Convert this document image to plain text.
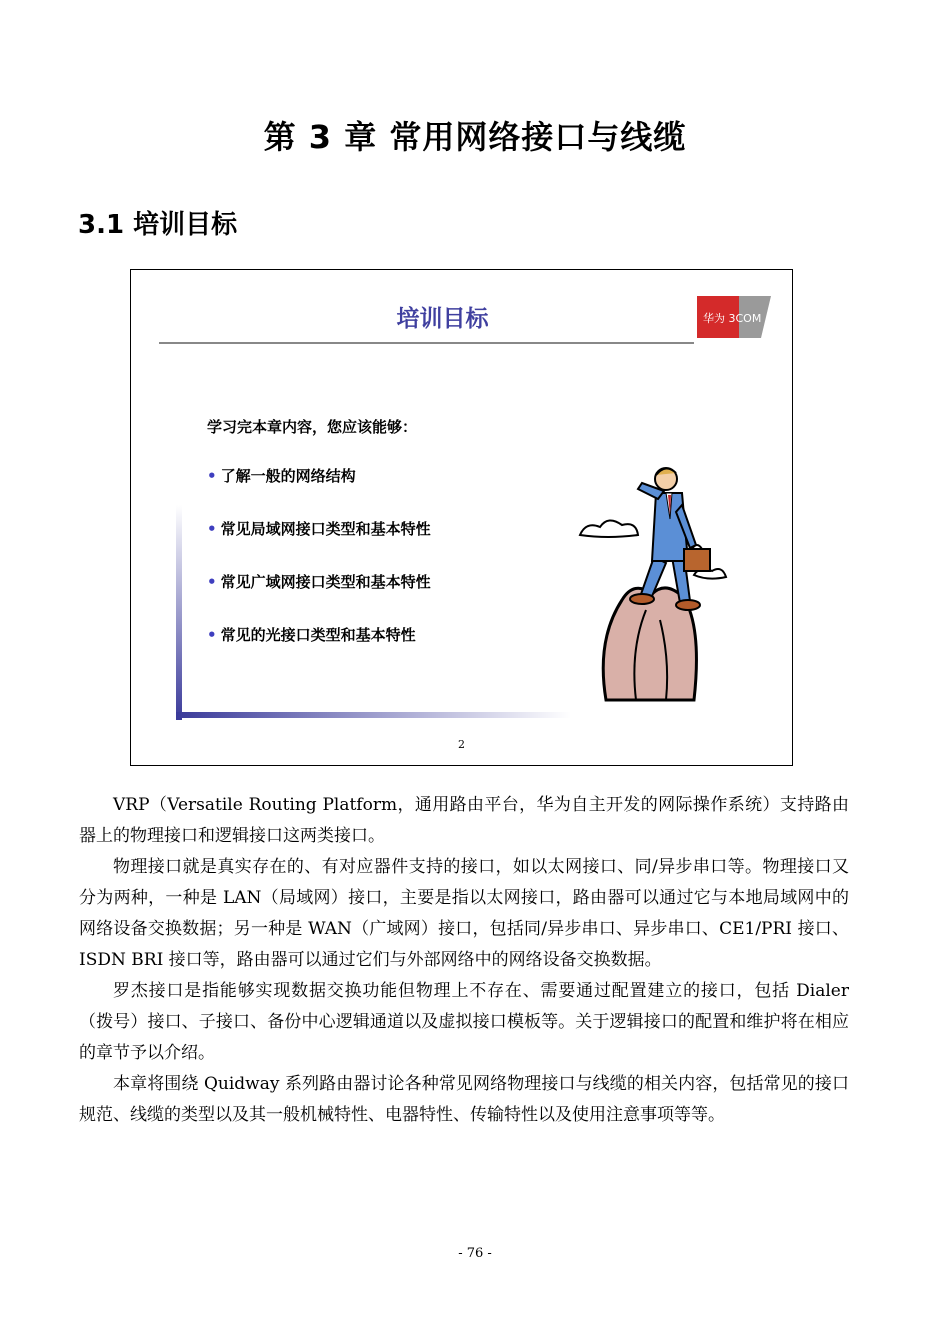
第 3 章 常用网络接口与线缆
3.1 培训目标
培训目标	华为 3COM
学习完本章内容，您应该能够：
• 了解一般的网络结构
• 常见局域网接口类型和基本特性
• 常见广域网接口类型和基本特性
• 常见的光接口类型和基本特性
2

VRP（Versatile Routing Platform，通用路由平台，华为自主开发的网际操作系统）支持路由器上的物理接口和逻辑接口这两类接口。

物理接口就是真实存在的、有对应器件支持的接口，如以太网接口、同/异步串口等。物理接口又分为两种，一种是 LAN（局域网）接口，主要是指以太网接口，路由器可以通过它与本地局域网中的网络设备交换数据；另一种是 WAN（广域网）接口，包括同/异步串口、异步串口、CE1/PRI 接口、ISDN BRI 接口等，路由器可以通过它们与外部网络中的网络设备交换数据。

罗杰接口是指能够实现数据交换功能但物理上不存在、需要通过配置建立的接口，包括 Dialer（拨号）接口、子接口、备份中心逻辑通道以及虚拟接口模板等。关于逻辑接口的配置和维护将在相应的章节予以介绍。

本章将围绕 Quidway 系列路由器讨论各种常见网络物理接口与线缆的相关内容，包括常见的接口规范、线缆的类型以及其一般机械特性、电器特性、传输特性以及使用注意事项等等。

- 76 -
